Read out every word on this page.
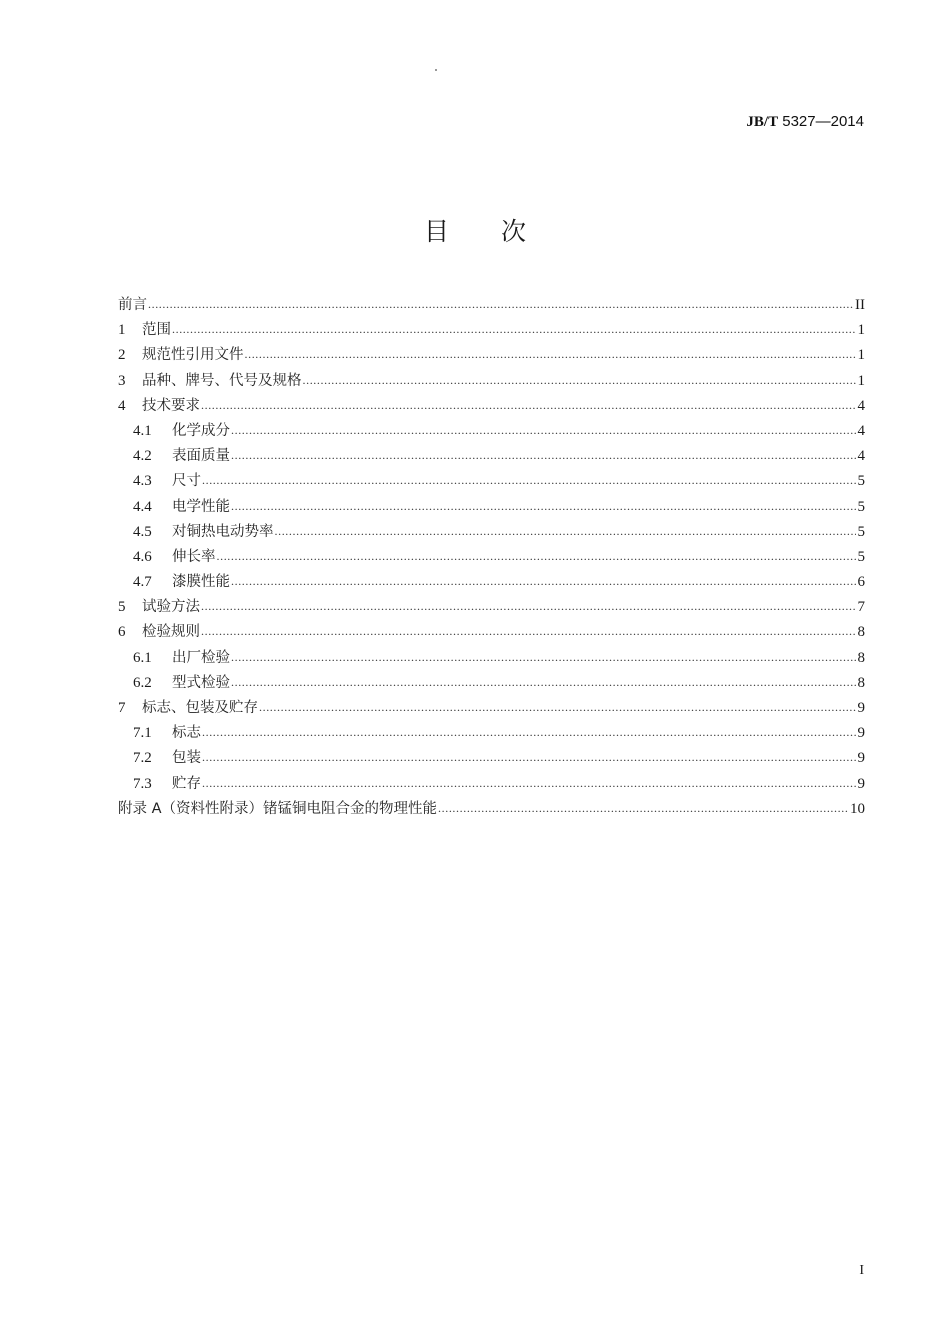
JB/T 5327—2014
目 次
前言 .....	II
1	范围 .....	1
2	规范性引用文件 .....	1
3	品种、牌号、代号及规格 .....	1
4	技术要求 .....	4
4.1	化学成分 .....	4
4.2	表面质量 .....	4
4.3	尺寸 .....	5
4.4	电学性能 .....	5
4.5	对铜热电动势率 .....	5
4.6	伸长率 .....	5
4.7	漆膜性能 .....	6
5	试验方法 .....	7
6	检验规则 .....	8
6.1	出厂检验 .....	8
6.2	型式检验 .....	8
7	标志、包装及贮存 .....	9
7.1	标志 .....	9
7.2	包装 .....	9
7.3	贮存 .....	9
附录 A（资料性附录）锗锰铜电阻合金的物理性能 .....	10
I
